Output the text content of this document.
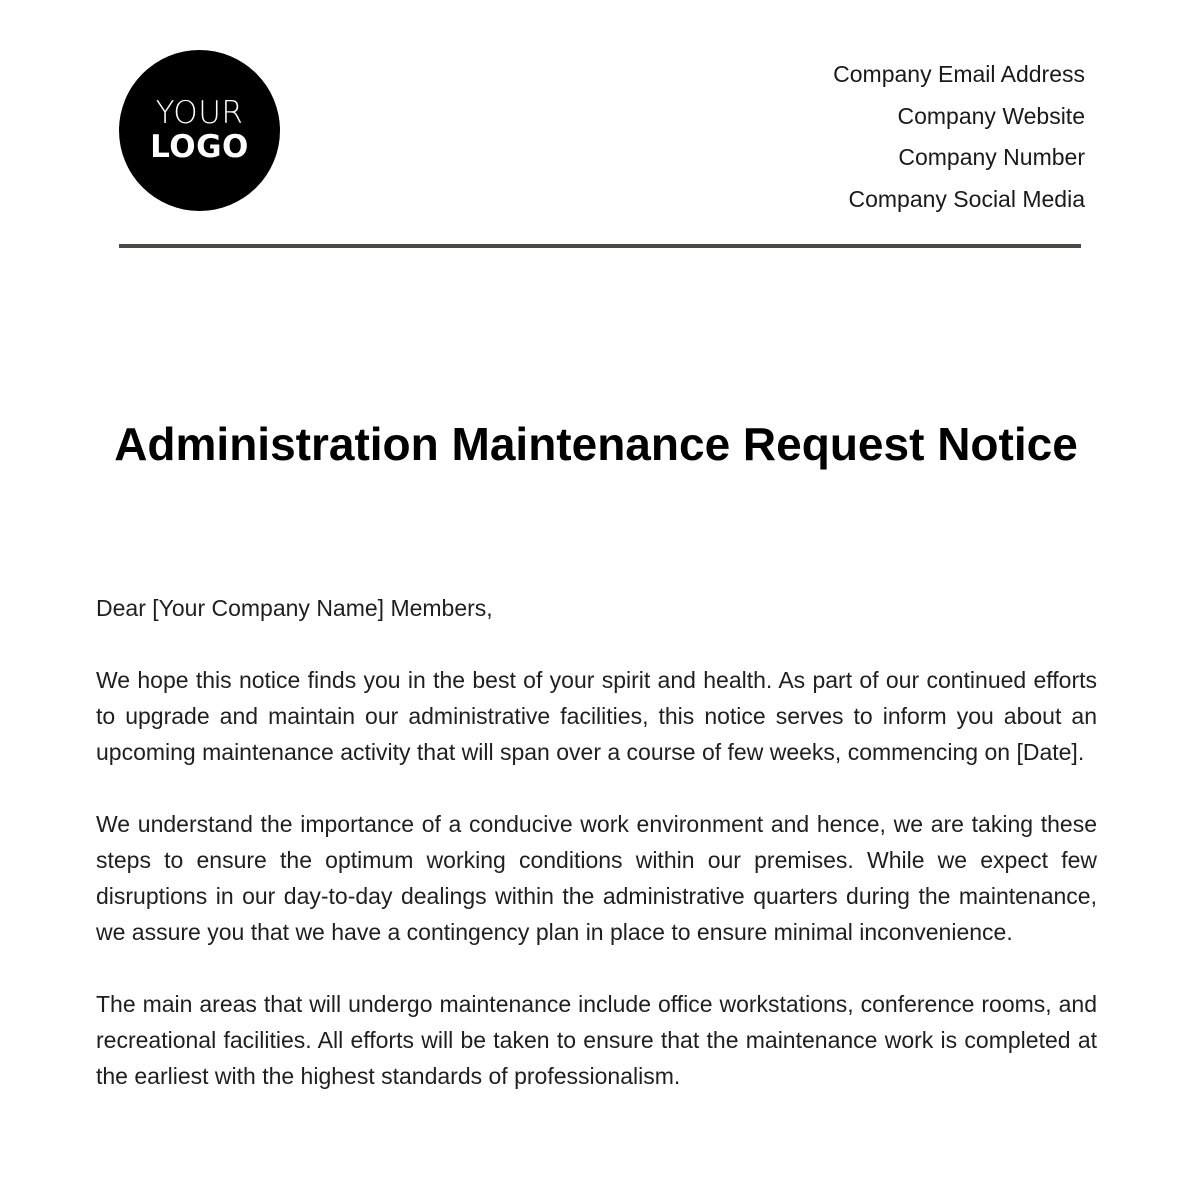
YOUR
LOGO
Company Email Address
Company Website
Company Number
Company Social Media
Administration Maintenance Request Notice

Dear [Your Company Name] Members,

We hope this notice finds you in the best of your spirit and health. As part of our continued efforts to upgrade and maintain our administrative facilities, this notice serves to inform you about an upcoming maintenance activity that will span over a course of few weeks, commencing on [Date].

We understand the importance of a conducive work environment and hence, we are taking these steps to ensure the optimum working conditions within our premises. While we expect few disruptions in our day-to-day dealings within the administrative quarters during the maintenance, we assure you that we have a contingency plan in place to ensure minimal inconvenience.

The main areas that will undergo maintenance include office workstations, conference rooms, and recreational facilities. All efforts will be taken to ensure that the maintenance work is completed at the earliest with the highest standards of professionalism.
